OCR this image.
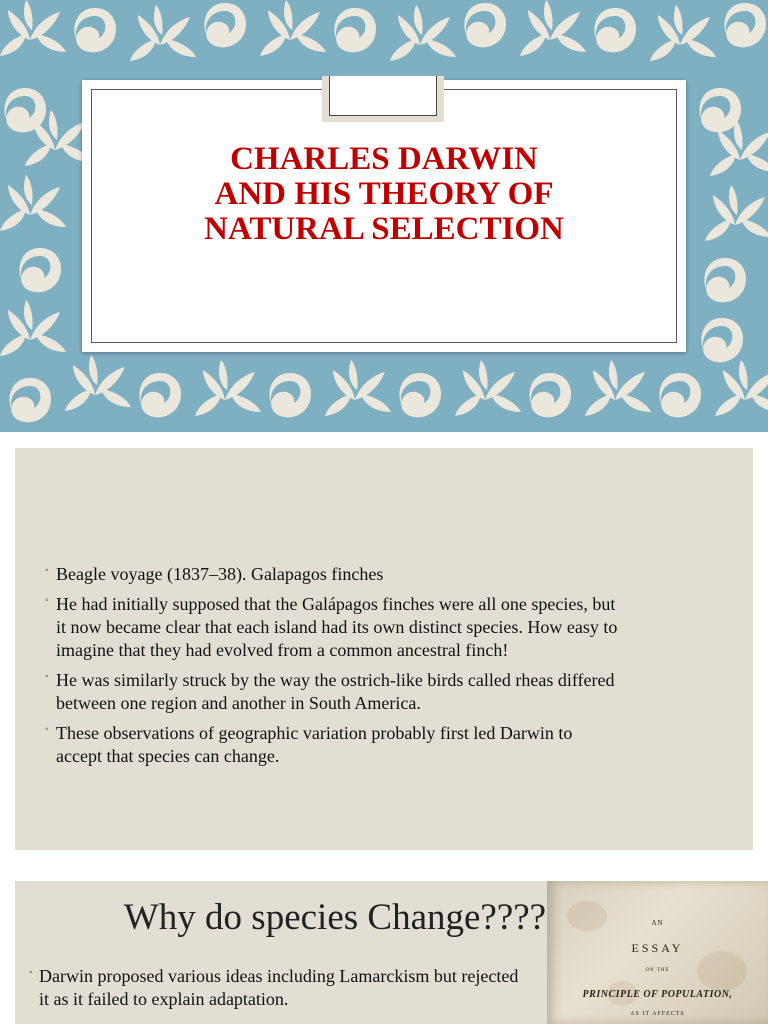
CHARLES DARWIN
AND HIS THEORY OF
NATURAL SELECTION
◦ Beagle voyage (1837–38). Galapagos finches
◦ He had initially supposed that the Galápagos finches were all one species, but it now became clear that each island had its own distinct species. How easy to imagine that they had evolved from a common ancestral finch!
◦ He was similarly struck by the way the ostrich-like birds called rheas differed between one region and another in South America.
◦ These observations of geographic variation probably first led Darwin to accept that species can change.
AN
ESSAY
ON THE
PRINCIPLE OF POPULATION,
AS IT AFFECTS
Why do species Change????
◦ Darwin proposed various ideas including Lamarckism but rejected it as it failed to explain adaptation.
